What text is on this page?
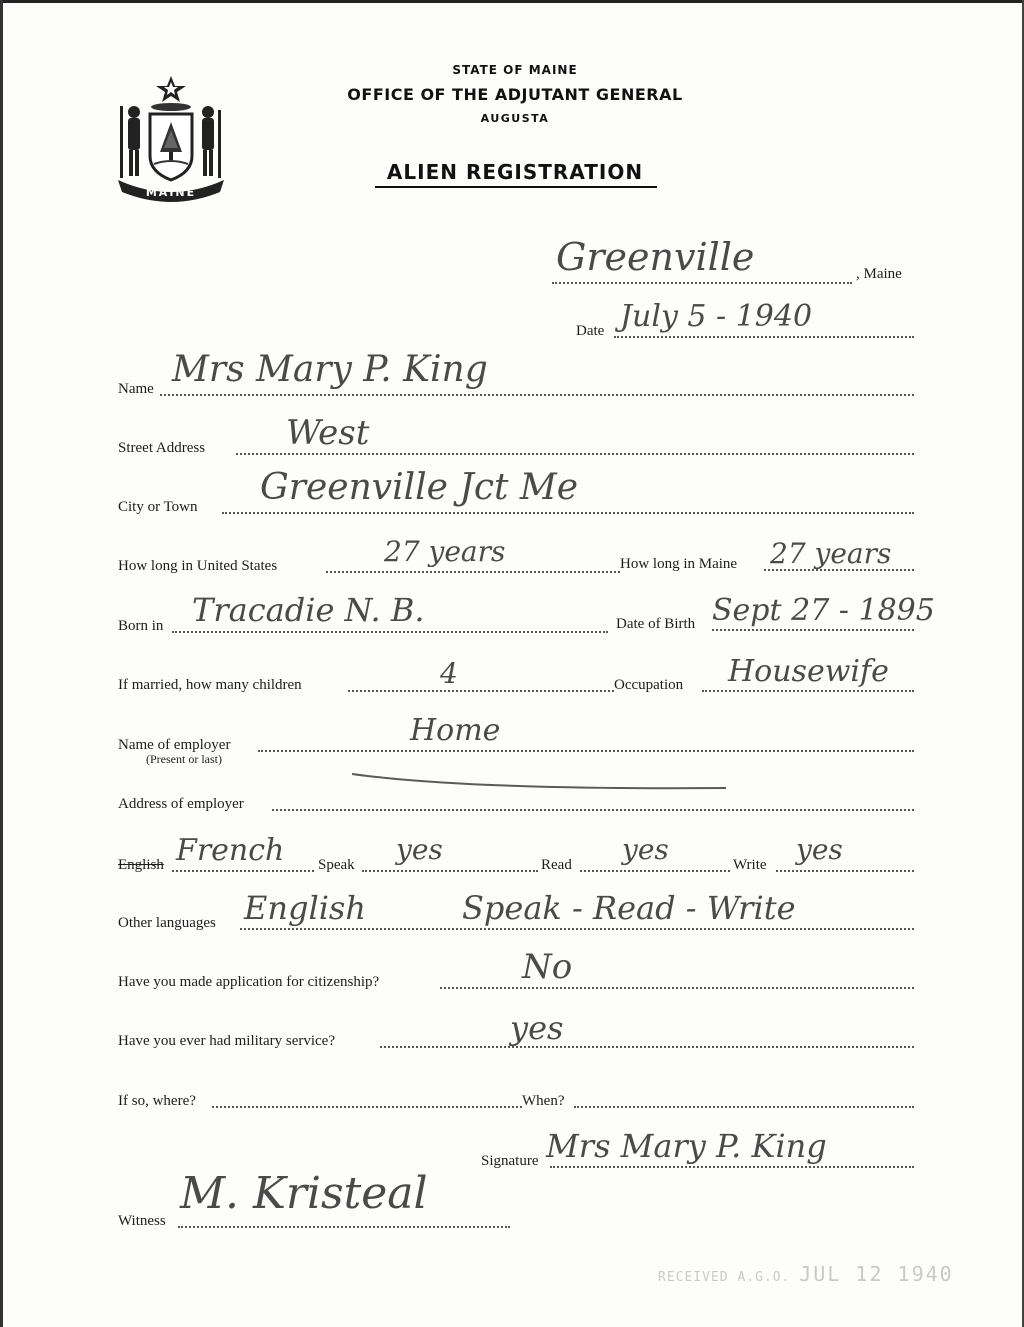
MAINE
STATE OF MAINE
OFFICE OF THE ADJUTANT GENERAL
AUGUSTA
ALIEN REGISTRATION
Greenville	, Maine
Date July 5 - 1940
Name Mrs Mary P. King
Street Address West
City or Town Greenville Jct Me
How long in United States	27 years	How long in Maine 27 years
Born in Tracadie N. B.	Date of Birth Sept 27 - 1895
If married, how many children	4	Occupation Housewife
Name of employer
(Present or last)
Home
Address of employer
English French Speak yes	Read yes	Write yes
Other languages English	Speak - Read - Write
Have you made application for citizenship?	No
Have you ever had military service?	yes
If so, where?	When?
Signature Mrs Mary P. King
Witness
M. Kristeal
RECEIVED A.G.O. JUL 12 1940
